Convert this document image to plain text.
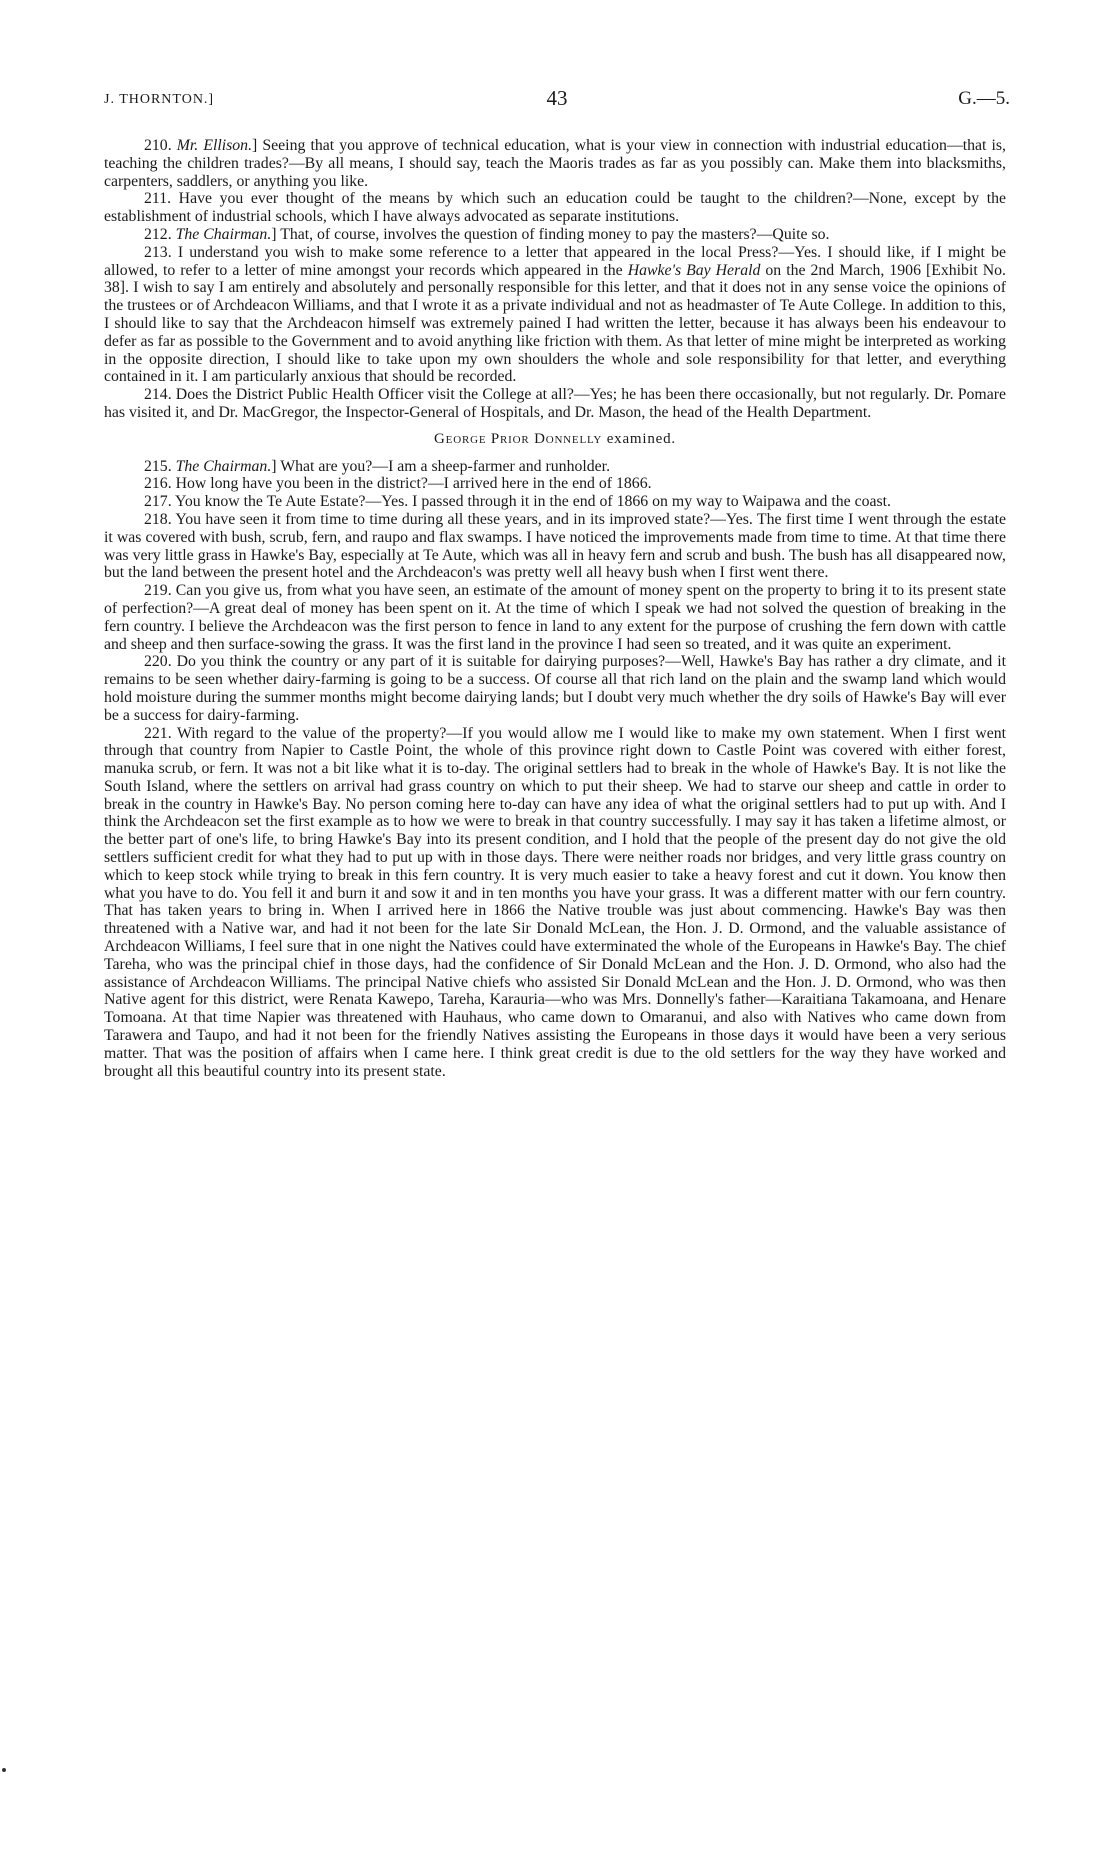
J. THORNTON.]	43	G.—5.

210. Mr. Ellison.] Seeing that you approve of technical education, what is your view in connection with industrial education—that is, teaching the children trades?—By all means, I should say, teach the Maoris trades as far as you possibly can. Make them into blacksmiths, carpenters, saddlers, or anything you like.

211. Have you ever thought of the means by which such an education could be taught to the children?—None, except by the establishment of industrial schools, which I have always advocated as separate institutions.

212. The Chairman.] That, of course, involves the question of finding money to pay the masters?—Quite so.

213. I understand you wish to make some reference to a letter that appeared in the local Press?—Yes. I should like, if I might be allowed, to refer to a letter of mine amongst your records which appeared in the Hawke's Bay Herald on the 2nd March, 1906 [Exhibit No. 38]. I wish to say I am entirely and absolutely and personally responsible for this letter, and that it does not in any sense voice the opinions of the trustees or of Archdeacon Williams, and that I wrote it as a private individual and not as headmaster of Te Aute College. In addition to this, I should like to say that the Archdeacon himself was extremely pained I had written the letter, because it has always been his endeavour to defer as far as possible to the Government and to avoid anything like friction with them. As that letter of mine might be interpreted as working in the opposite direction, I should like to take upon my own shoulders the whole and sole responsibility for that letter, and everything contained in it. I am particularly anxious that should be recorded.

214. Does the District Public Health Officer visit the College at all?—Yes; he has been there occasionally, but not regularly. Dr. Pomare has visited it, and Dr. MacGregor, the Inspector-General of Hospitals, and Dr. Mason, the head of the Health Department.

George Prior Donnelly examined.

215. The Chairman.] What are you?—I am a sheep-farmer and runholder.

216. How long have you been in the district?—I arrived here in the end of 1866.

217. You know the Te Aute Estate?—Yes. I passed through it in the end of 1866 on my way to Waipawa and the coast.

218. You have seen it from time to time during all these years, and in its improved state?—Yes. The first time I went through the estate it was covered with bush, scrub, fern, and raupo and flax swamps. I have noticed the improvements made from time to time. At that time there was very little grass in Hawke's Bay, especially at Te Aute, which was all in heavy fern and scrub and bush. The bush has all disappeared now, but the land between the present hotel and the Archdeacon's was pretty well all heavy bush when I first went there.

219. Can you give us, from what you have seen, an estimate of the amount of money spent on the property to bring it to its present state of perfection?—A great deal of money has been spent on it. At the time of which I speak we had not solved the question of breaking in the fern country. I believe the Archdeacon was the first person to fence in land to any extent for the purpose of crushing the fern down with cattle and sheep and then surface-sowing the grass. It was the first land in the province I had seen so treated, and it was quite an experiment.

220. Do you think the country or any part of it is suitable for dairying purposes?—Well, Hawke's Bay has rather a dry climate, and it remains to be seen whether dairy-farming is going to be a success. Of course all that rich land on the plain and the swamp land which would hold moisture during the summer months might become dairying lands; but I doubt very much whether the dry soils of Hawke's Bay will ever be a success for dairy-farming.

221. With regard to the value of the property?—If you would allow me I would like to make my own statement. When I first went through that country from Napier to Castle Point, the whole of this province right down to Castle Point was covered with either forest, manuka scrub, or fern. It was not a bit like what it is to-day. The original settlers had to break in the whole of Hawke's Bay. It is not like the South Island, where the settlers on arrival had grass country on which to put their sheep. We had to starve our sheep and cattle in order to break in the country in Hawke's Bay. No person coming here to-day can have any idea of what the original settlers had to put up with. And I think the Archdeacon set the first example as to how we were to break in that country successfully. I may say it has taken a lifetime almost, or the better part of one's life, to bring Hawke's Bay into its present condition, and I hold that the people of the present day do not give the old settlers sufficient credit for what they had to put up with in those days. There were neither roads nor bridges, and very little grass country on which to keep stock while trying to break in this fern country. It is very much easier to take a heavy forest and cut it down. You know then what you have to do. You fell it and burn it and sow it and in ten months you have your grass. It was a different matter with our fern country. That has taken years to bring in. When I arrived here in 1866 the Native trouble was just about commencing. Hawke's Bay was then threatened with a Native war, and had it not been for the late Sir Donald McLean, the Hon. J. D. Ormond, and the valuable assistance of Archdeacon Williams, I feel sure that in one night the Natives could have exterminated the whole of the Europeans in Hawke's Bay. The chief Tareha, who was the principal chief in those days, had the confidence of Sir Donald McLean and the Hon. J. D. Ormond, who also had the assistance of Archdeacon Williams. The principal Native chiefs who assisted Sir Donald McLean and the Hon. J. D. Ormond, who was then Native agent for this district, were Renata Kawepo, Tareha, Karauria—who was Mrs. Donnelly's father—Karaitiana Takamoana, and Henare Tomoana. At that time Napier was threatened with Hauhaus, who came down to Omaranui, and also with Natives who came down from Tarawera and Taupo, and had it not been for the friendly Natives assisting the Europeans in those days it would have been a very serious matter. That was the position of affairs when I came here. I think great credit is due to the old settlers for the way they have worked and brought all this beautiful country into its present state.
